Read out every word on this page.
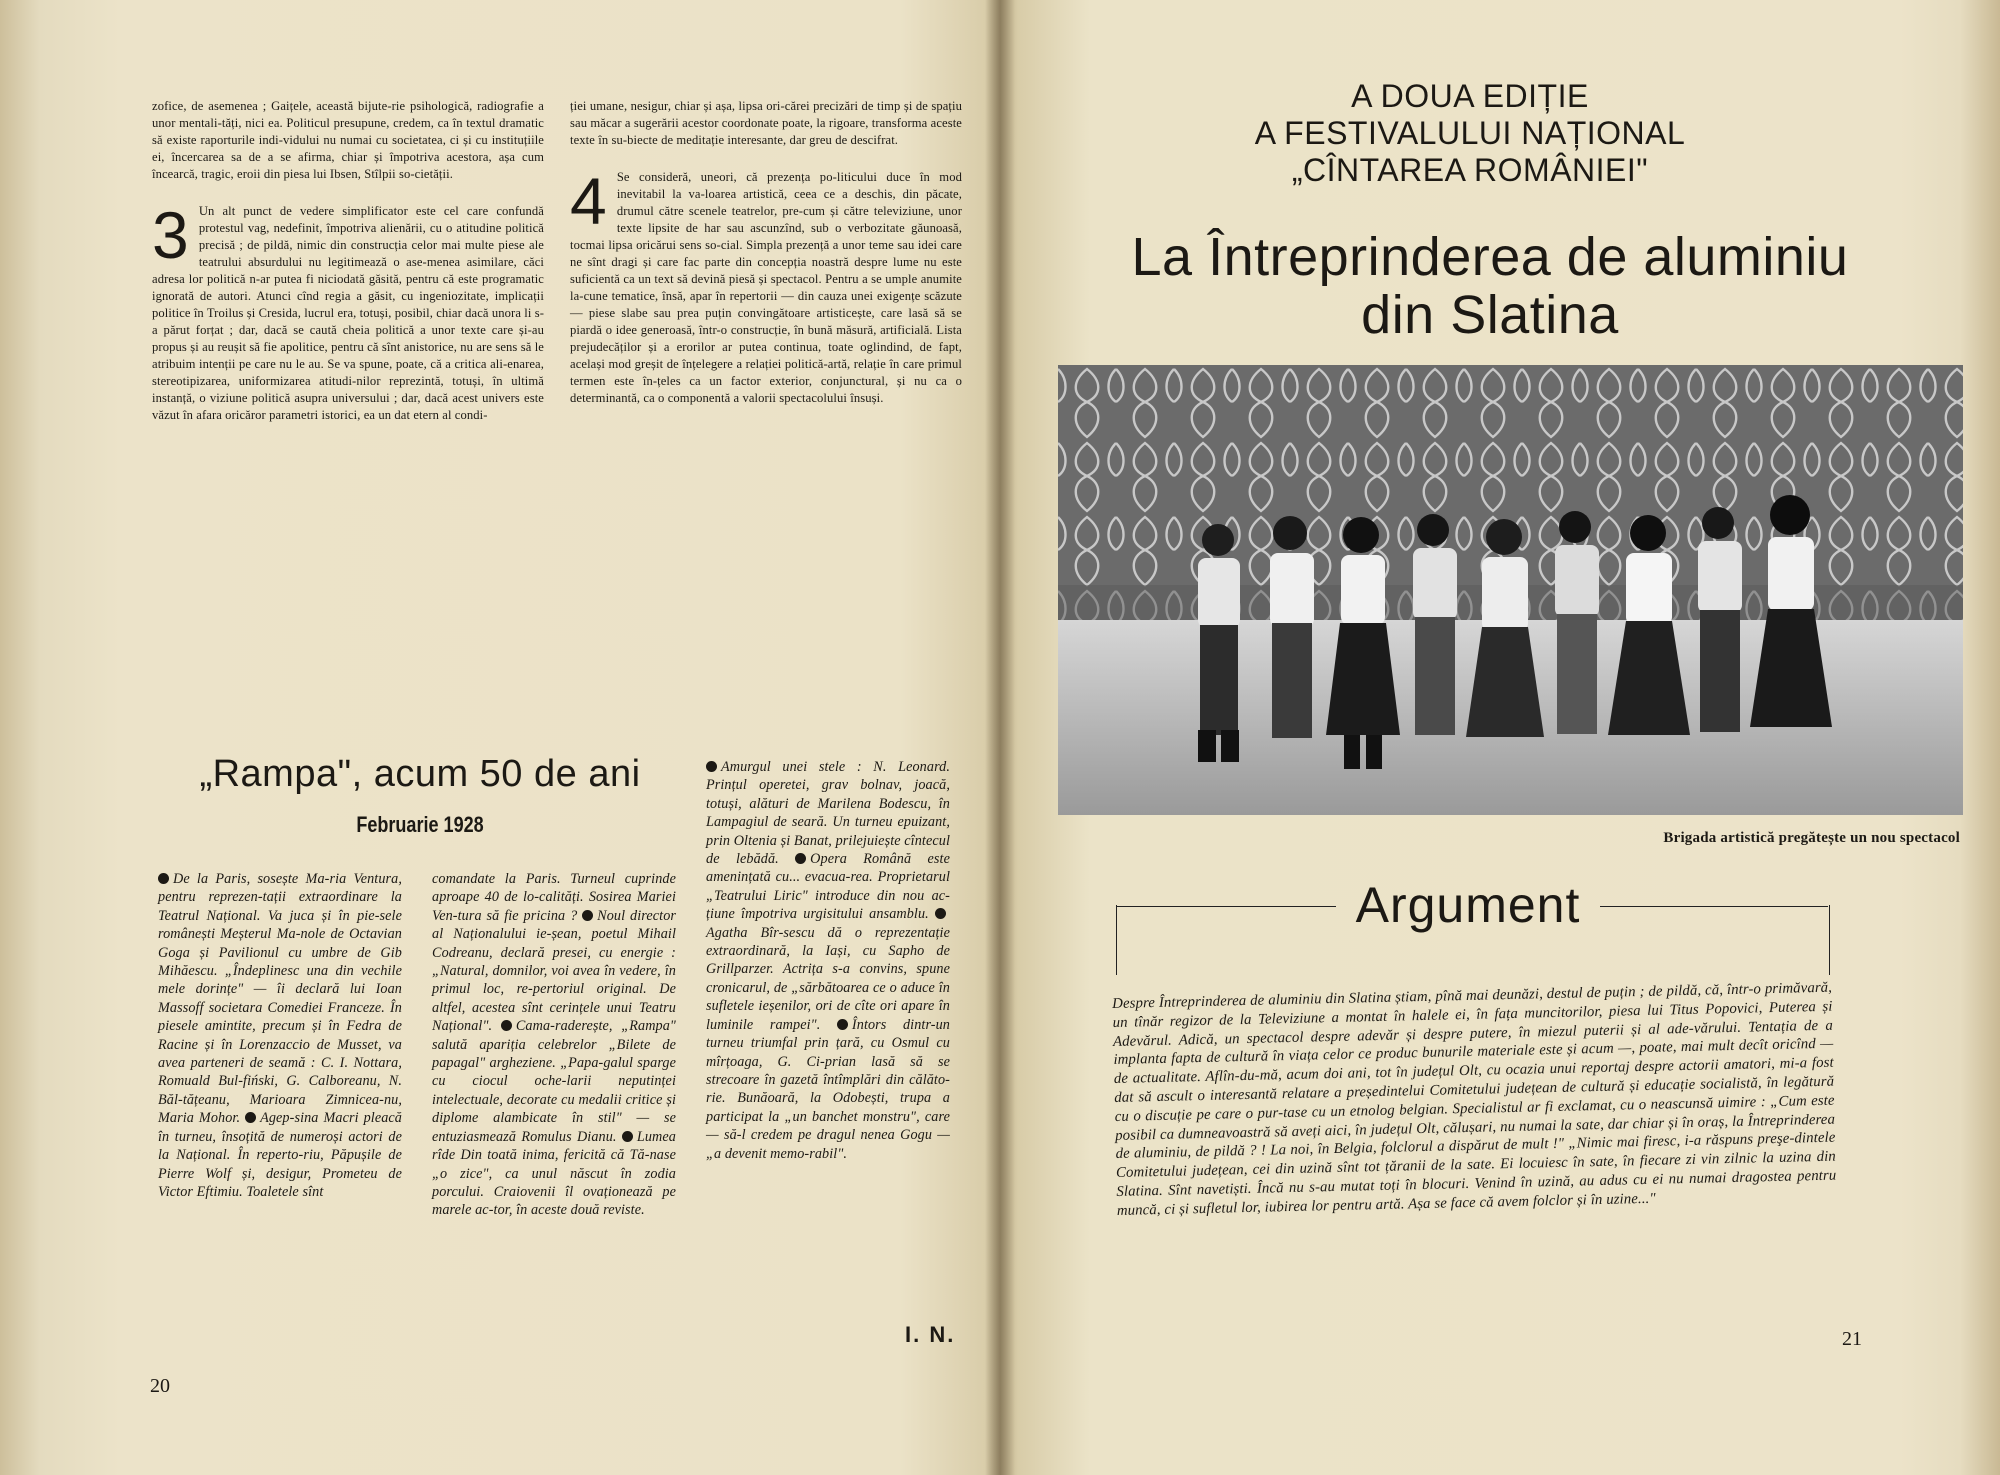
zofice, de asemenea ; Gaițele, această bijute-rie psihologică, radiografie a unor mentali-tăți, nici ea. Politicul presupune, credem, ca în textul dramatic să existe raporturile indi-vidului nu numai cu societatea, ci și cu instituțiile ei, încercarea sa de a se afirma, chiar și împotriva acestora, așa cum încearcă, tragic, eroii din piesa lui Ibsen, Stîlpii so-cietății.

3 Un alt punct de vedere simplificator este cel care confundă protestul vag, nedefinit, împotriva alienării, cu o atitudine politică precisă ; de pildă, nimic din construcția celor mai multe piese ale teatrului absurdului nu legitimează o ase-menea asimilare, căci adresa lor politică n-ar putea fi niciodată găsită, pentru că este programatic ignorată de autori. Atunci cînd regia a găsit, cu ingeniozitate, implicații politice în Troilus și Cresida, lucrul era, totuși, posibil, chiar dacă unora li s-a părut forțat ; dar, dacă se caută cheia politică a unor texte care și-au propus și au reușit să fie apolitice, pentru că sînt anistorice, nu are sens să le atribuim intenții pe care nu le au. Se va spune, poate, că a critica ali-enarea, stereotipizarea, uniformizarea atitudi-nilor reprezintă, totuși, în ultimă instanță, o viziune politică asupra universului ; dar, dacă acest univers este văzut în afara oricăror parametri istorici, ea un dat etern al condi-

ției umane, nesigur, chiar și așa, lipsa ori-cărei precizări de timp și de spațiu sau măcar a sugerării acestor coordonate poate, la rigoare, transforma aceste texte în su-biecte de meditație interesante, dar greu de descifrat.

4 Se consideră, uneori, că prezența po-liticului duce în mod inevitabil la va-loarea artistică, ceea ce a deschis, din păcate, drumul către scenele teatrelor, pre-cum și către televiziune, unor texte lipsite de har sau ascunzînd, sub o verbozitate găunoasă, tocmai lipsa oricărui sens so-cial. Simpla prezență a unor teme sau idei care ne sînt dragi și care fac parte din concepția noastră despre lume nu este suficientă ca un text să devină piesă și spectacol. Pentru a se umple anumite la-cune tematice, însă, apar în repertorii — din cauza unei exigențe scăzute — piese slabe sau prea puțin convingătoare artisticește, care lasă să se piardă o idee generoasă, într-o construcție, în bună măsură, artificială. Lista prejudecăților și a erorilor ar putea continua, toate oglindind, de fapt, același mod greșit de înțelegere a relației politică-artă, relație în care primul termen este în-țeles ca un factor exterior, conjunctural, și nu ca o determinantă, ca o componentă a valorii spectacolului însuși.

„Rampa", acum 50 de ani
Februarie 1928

De la Paris, sosește Ma-ria Ventura, pentru reprezen-tații extraordinare la Teatrul Național. Va juca și în pie-sele românești Meșterul Ma-nole de Octavian Goga și Pavilionul cu umbre de Gib Mihăescu. „Îndeplinesc una din vechile mele dorințe" — îi declară lui Ioan Massoff societara Comediei Franceze. În piesele amintite, precum și în Fedra de Racine și în Lorenzaccio de Musset, va avea parteneri de seamă : C. I. Nottara, Romuald Bul-fiński, G. Calboreanu, N. Băl-tățeanu, Marioara Zimnicea-nu, Maria Mohor. Agep-sina Macri pleacă în turneu, însoțită de numeroși actori de la Național. În reperto-riu, Păpușile de Pierre Wolf și, desigur, Prometeu de Victor Eftimiu. Toaletele sînt

comandate la Paris. Turneul cuprinde aproape 40 de lo-calități. Sosirea Mariei Ven-tura să fie pricina ? Noul director al Naționalului ie-șean, poetul Mihail Codreanu, declară presei, cu energie : „Natural, domnilor, voi avea în vedere, în primul loc, re-pertoriul original. De altfel, acestea sînt cerințele unui Teatru Național". Cama-raderește, „Rampa" salută apariția celebrelor „Bilete de papagal" argheziene. „Papa-galul sparge cu ciocul oche-larii neputinței intelectuale, decorate cu medalii critice și diplome alambicate în stil" — se entuziasmează Romulus Dianu. Lumea rîde Din toată inima, fericită că Tă-nase „o zice", ca unul născut în zodia porcului. Craiovenii îl ovaționează pe marele ac-tor, în aceste două reviste.

Amurgul unei stele : N. Leonard. Prințul operetei, grav bolnav, joacă, totuși, alături de Marilena Bodescu, în Lampagiul de seară. Un turneu epuizant, prin Oltenia și Banat, prilejuiește cîntecul de lebădă. Opera Română este amenințată cu... evacua-rea. Proprietarul „Teatrului Liric" introduce din nou ac-țiune împotriva urgisitului ansamblu. Agatha Bîr-sescu dă o reprezentație extraordinară, la Iași, cu Sapho de Grillparzer. Actrița s-a convins, spune cronicarul, de „sărbătoarea ce o aduce în sufletele ieșenilor, ori de cîte ori apare în luminile rampei". Întors dintr-un turneu triumfal prin țară, cu Osmul cu mîrțoaga, G. Ci-prian lasă să se strecoare în gazetă întîmplări din călăto-rie. Bunăoară, la Odobești, trupa a participat la „un banchet monstru", care — să-l credem pe dragul nenea Gogu — „a devenit memo-rabil".

I. N.
20
A DOUA EDIȚIE
A FESTIVALULUI NAȚIONAL
„CÎNTAREA ROMÂNIEI"
La Întreprinderea de aluminiu
din Slatina
21
Brigada artistică pregătește un nou spectacol
Argument
Despre Întreprinderea de aluminiu din Slatina știam, pînă mai deunăzi, destul de puțin ; de pildă, că, într-o primăvară, un tînăr regizor de la Televiziune a montat în halele ei, în fața muncitorilor, piesa lui Titus Popovici, Puterea și Adevărul. Adică, un spectacol despre adevăr și despre putere, în miezul puterii și al ade-vărului. Tentația de a implanta fapta de cultură în viața celor ce produc bunurile materiale este și acum —, poate, mai mult decît oricînd — de actualitate. Aflîn-du-mă, acum doi ani, tot în județul Olt, cu ocazia unui reportaj despre actorii amatori, mi-a fost dat să ascult o interesantă relatare a președintelui Comitetului județean de cultură și educație socialistă, în legătură cu o discuție pe care o pur-tase cu un etnolog belgian. Specialistul ar fi exclamat, cu o neascunsă uimire : „Cum este posibil ca dumneavoastră să aveți aici, în județul Olt, călușari, nu numai la sate, dar chiar și în oraș, la Întreprinderea de aluminiu, de pildă ? ! La noi, în Belgia, folclorul a dispărut de mult !" „Nimic mai firesc, i-a răspuns preşe-dintele Comitetului județean, cei din uzină sînt tot țăranii de la sate. Ei locuiesc în sate, în fiecare zi vin zilnic la uzina din Slatina. Sînt navetiști. Încă nu s-au mutat toți în blocuri. Venind în uzină, au adus cu ei nu numai dragostea pentru muncă, ci și sufletul lor, iubirea lor pentru artă. Așa se face că avem folclor și în uzine..."
